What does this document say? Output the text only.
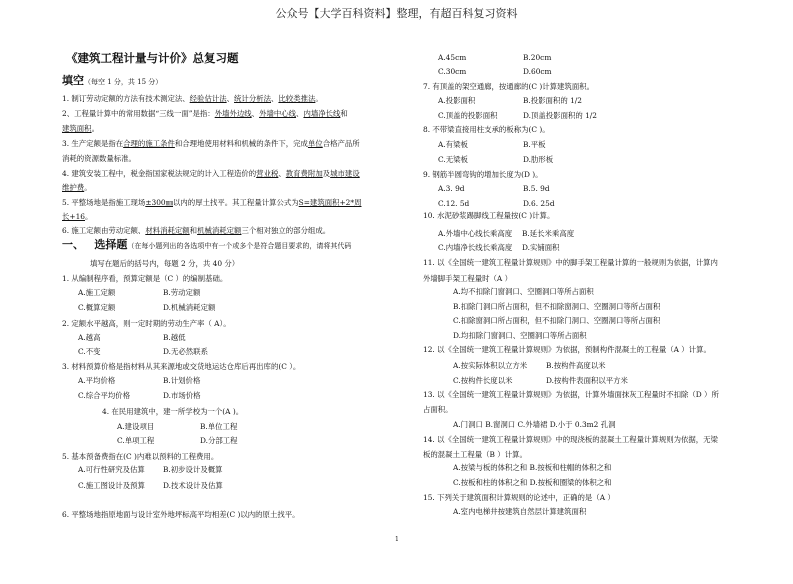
公众号【大学百科资料】整理，有超百科复习资料
《建筑工程计量与计价》总复习题
填空（每空 1 分，共 15 分）
一、 选择题（在每小题列出的各选项中有一个或多个是符合题目要求的，请将其代码
填写在题后的括号内，每题 2 分，共 40 分）
1. 制订劳动定额的方法有技术测定法、经验估计法、统计分析法、比较类推法。
2、工程量计算中的常用数据“三线一面”是指：外墙外边线、外墙中心线、内墙净长线和
建筑面积。
3. 生产定额是指在合理的施工条件和合理地使用材料和机械的条件下，完成单位合格产品所
消耗的资源数量标准。
4. 建筑安装工程中，税金指国家税法规定的计入工程造价的营业税、教育费附加及城市建设
维护费。
5. 平整场地是指施工现场±300㎜以内的厚土找平。其工程量计算公式为S=建筑面积+2*周
长+16。
6. 施工定额由劳动定额、材料消耗定额和机械消耗定额三个相对独立的部分组成。
1. 从编制程序看，预算定额是（C ）的编制基础。
A.施工定额	B.劳动定额
C.概算定额	D.机械消耗定额
2. 定额水平越高，则一定时期的劳动生产率（ A）。
A.越高	B.越低
C.不变	D.无必然联系
3. 材料预算价格是指材料从其来源地或交货地运达仓库后再出库的(C ）。
A.平均价格	B.计划价格
C.综合平均价格	D.市场价格
4. 在民用建筑中，建一所学校为一个(A )。
A.建设项目	B.单位工程
C.单项工程	D.分部工程
5. 基本预备费指在(C )内难以预料的工程费用。
A.可行性研究及估算 B.初步设计及概算
C.施工图设计及预算 D.技术设计及估算
6. 平整场地指原地面与设计室外地坪标高平均相差(C )以内的原土找平。
A.45cm	B.20cm
C.30cm	D.60cm
7. 有顶盖的架空通廊，按通廊的(C )计算建筑面积。
A.投影面积	B.投影面积的 1/2
C.顶盖的投影面积	D.顶盖投影面积的 1/2
8. 不带梁直接用柱支承的板称为(C )。
A.有梁板	B.平板
C.无梁板	D.肋形板
9. 钢筋半圆弯钩的增加长度为(D )。
A.3. 9d	B.5. 9d
C.12. 5d	D.6. 25d
10. 水泥砂浆踢脚线工程量按(C )计算。
A.外墙中心线长乘高度 B.延长米乘高度
C.内墙净长线长乘高度 D.实铺面积
11. 以《全国统一建筑工程量计算规则》中的脚手架工程量计算的一般规则为依据，计算内
外墙脚手架工程量时（A ）
A.均不扣除门窗洞口、空圈洞口等所占面积
B.扣除门洞口所占面积，但不扣除窗洞口、空圈洞口等所占面积
C.扣除窗洞口所占面积，但不扣除门洞口、空圈洞口等所占面积
D.均扣除门窗洞口、空圈洞口等所占面积
12. 以《全国统一建筑工程量计算规则》为依据，预制构件混凝土的工程量（A ）计算。
A.按实际体积以立方米	B.按构件高度以米
C.按构件长度以米	D.按构件表面积以平方米
13. 以《全国统一建筑工程量计算规则》为依据，计算外墙面抹灰工程量时不扣除（D ）所
占面积。
A.门洞口 B.窗洞口 C.外墙裙 D.小于 0.3m2 孔洞
14. 以《全国统一建筑工程量计算规则》中的现浇板的混凝土工程量计算规则为依据，无梁
板的混凝土工程量（B ）计算。
A.按梁与板的体积之和 B.按板和柱帽的体积之和
C.按板和柱的体积之和 D.按板和圈梁的体积之和
15. 下列关于建筑面积计算规则的论述中，正确的是（A ）
A.室内电梯井按建筑自然层计算建筑面积
1
